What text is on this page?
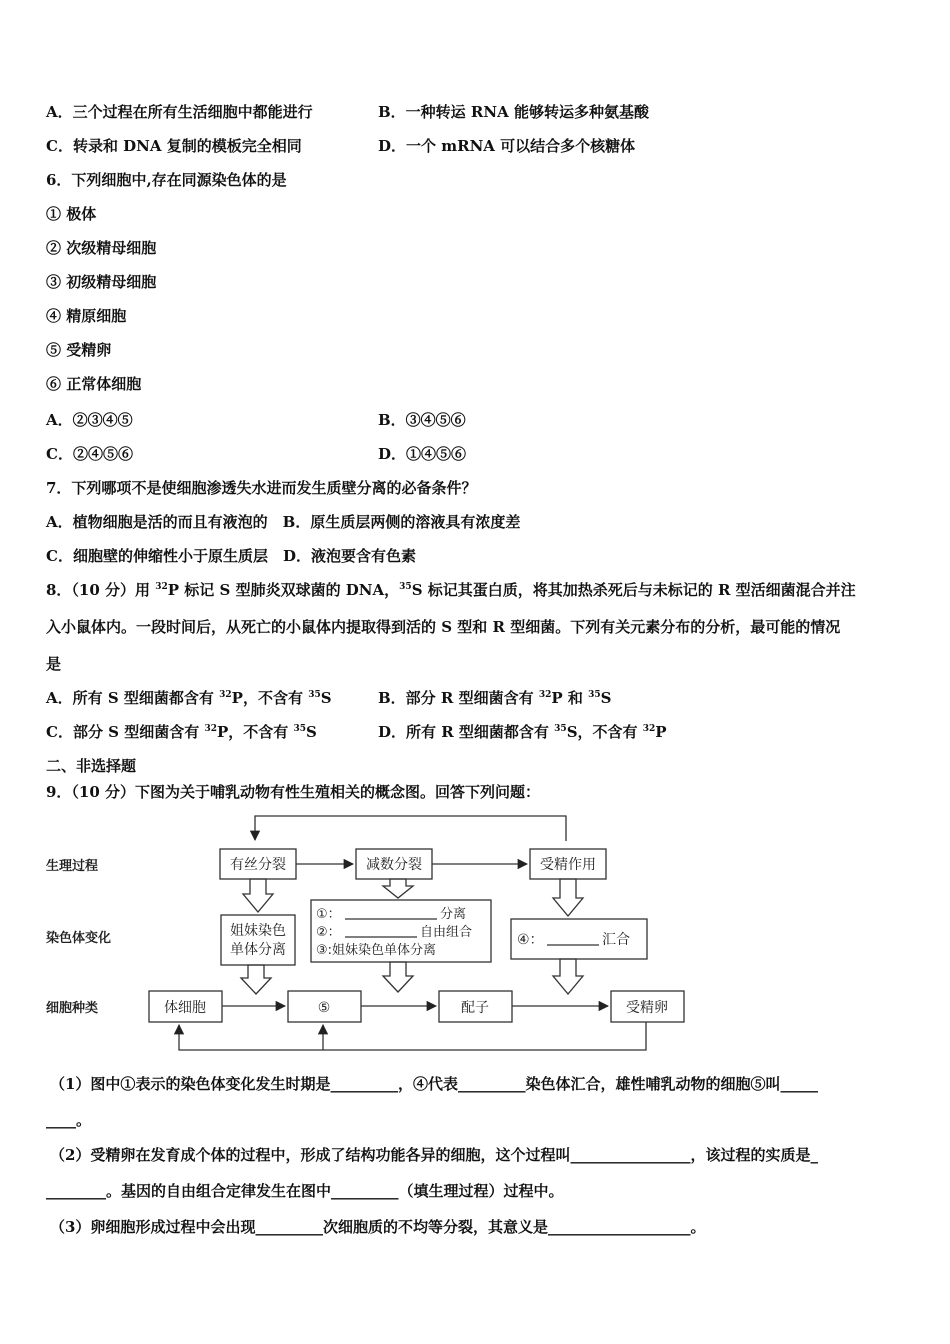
A．三个过程在所有生活细胞中都能进行	B．一种转运 RNA 能够转运多种氨基酸
C．转录和 DNA 复制的模板完全相同	D．一个 mRNA 可以结合多个核糖体
6．下列细胞中,存在同源染色体的是
① 极体
② 次级精母细胞
③ 初级精母细胞
④ 精原细胞
⑤ 受精卵
⑥ 正常体细胞
A．②③④⑤	B．③④⑤⑥
C．②④⑤⑥	D．①④⑤⑥
7．下列哪项不是使细胞渗透失水进而发生质壁分离的必备条件？
A．植物细胞是活的而且有液泡的　B．原生质层两侧的溶液具有浓度差
C．细胞壁的伸缩性小于原生质层　D．液泡要含有色素
8．（10 分）用 $^{32}$P 标记 S 型肺炎双球菌的 DNA，$^{35}$S 标记其蛋白质，将其加热杀死后与未标记的 R 型活细菌混合并注
入小鼠体内。一段时间后，从死亡的小鼠体内提取得到活的 S 型和 R 型细菌。下列有关元素分布的分析，最可能的情况
是
A．所有 S 型细菌都含有 $^{32}$P，不含有 $^{35}$S	B．部分 R 型细菌含有 $^{32}$P 和 $^{35}$S
C．部分 S 型细菌含有 $^{32}$P，不含有 $^{35}$S	D．所有 R 型细菌都含有 $^{35}$S，不含有 $^{32}$P
二、非选择题
9．（10 分）下图为关于哺乳动物有性生殖相关的概念图。回答下列问题：
生理过程
染色体变化
细胞种类
有丝分裂	减数分裂	受精作用
姐妹染色
单体分离
①：	分离
②：	自由组合
③:姐妹染色单体分离
④：	汇合
体细胞	⑤	配子	受精卵
（1）图中①表示的染色体变化发生时期是_________，④代表_________染色体汇合，雄性哺乳动物的细胞⑤叫_____
____。
（2）受精卵在发育成个体的过程中，形成了结构功能各异的细胞，这个过程叫________________，该过程的实质是_
________。基因的自由组合定律发生在图中_________（填生理过程）过程中。
（3）卵细胞形成过程中会出现_________次细胞质的不均等分裂，其意义是___________________。
